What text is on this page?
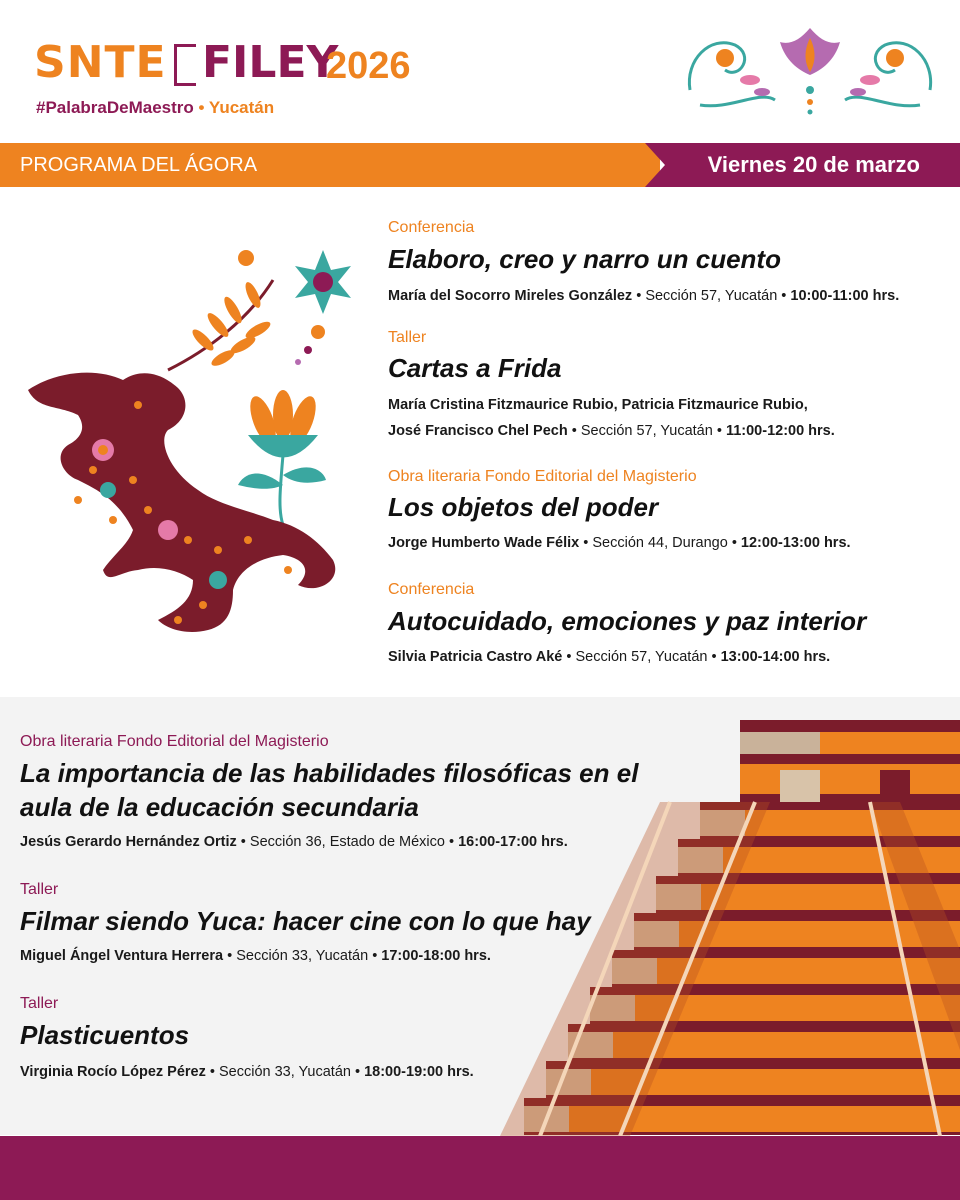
SNTE FILEY
2026
#PalabraDeMaestro • Yucatán
PROGRAMA DEL ÁGORA	Viernes 20 de marzo
Conferencia
Elaboro, creo y narro un cuento
María del Socorro Mireles González • Sección 57, Yucatán • 10:00-11:00 hrs.
Taller
Cartas a Frida
María Cristina Fitzmaurice Rubio, Patricia Fitzmaurice Rubio,
José Francisco Chel Pech • Sección 57, Yucatán • 11:00-12:00 hrs.
Obra literaria Fondo Editorial del Magisterio
Los objetos del poder
Jorge Humberto Wade Félix • Sección 44, Durango • 12:00-13:00 hrs.
Conferencia
Autocuidado, emociones y paz interior
Silvia Patricia Castro Aké • Sección 57, Yucatán • 13:00-14:00 hrs.
Obra literaria Fondo Editorial del Magisterio
La importancia de las habilidades filosóficas en el
aula de la educación secundaria
Jesús Gerardo Hernández Ortiz • Sección 36, Estado de México • 16:00-17:00 hrs.
Taller
Filmar siendo Yuca: hacer cine con lo que hay
Miguel Ángel Ventura Herrera • Sección 33, Yucatán • 17:00-18:00 hrs.
Taller
Plasticuentos
Virginia Rocío López Pérez • Sección 33, Yucatán • 18:00-19:00 hrs.
